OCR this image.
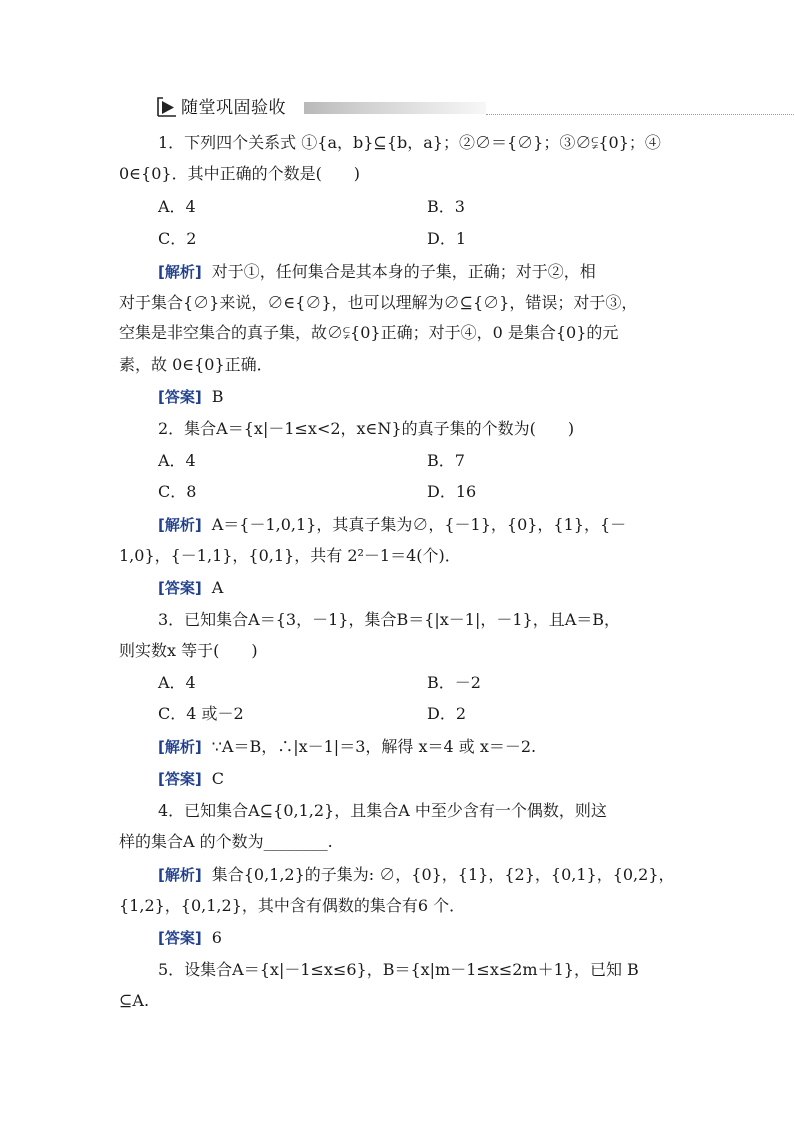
随堂巩固验收
1．下列四个关系式 ①{a，b}⊆{b，a}；②∅＝{∅}；③∅⫋{0}；④
0∈{0}．其中正确的个数是(　　)
A．4	B．3
C．2	D．1
[解析] 对于①，任何集合是其本身的子集，正确；对于②，相
对于集合{∅}来说，∅∈{∅}，也可以理解为∅⊆{∅}，错误；对于③，
空集是非空集合的真子集，故∅⫋{0}正确；对于④，0 是集合{0}的元
素，故 0∈{0}正确．
[答案] B
2．集合A＝{x|－1≤x<2，x∈N}的真子集的个数为(　　)
A．4	B．7
C．8	D．16
[解析] A＝{－1,0,1}，其真子集为∅，{－1}，{0}，{1}，{－
1,0}，{－1,1}，{0,1}，共有 2²－1＝4(个)．
[答案] A
3．已知集合A＝{3，－1}，集合B＝{|x－1|，－1}，且A＝B，
则实数x 等于(　　)
A．4	B．－2
C．4 或－2	D．2
[解析] ∵A＝B，∴|x－1|＝3，解得 x＝4 或 x＝－2.
[答案] C
4．已知集合A⊆{0,1,2}，且集合A 中至少含有一个偶数，则这
样的集合A 的个数为________.
[解析] 集合{0,1,2}的子集为: ∅，{0}，{1}，{2}，{0,1}，{0,2}，
{1,2}，{0,1,2}，其中含有偶数的集合有6 个．
[答案] 6
5．设集合A＝{x|－1≤x≤6}，B＝{x|m－1≤x≤2m＋1}，已知 B
⊆A.
